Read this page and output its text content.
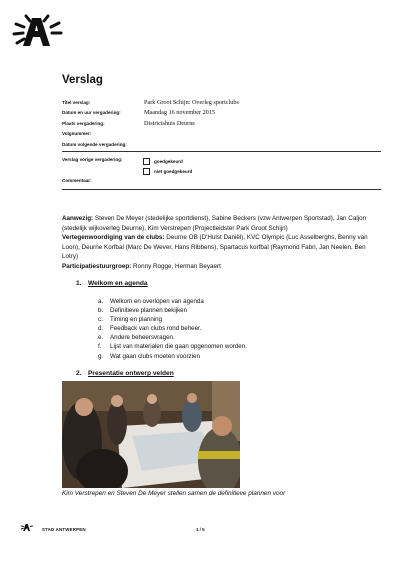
Verslag
Titel verslag:	Park Groot Schijn: Overleg sportclubs
Datum en uur vergadering:	Maandag 16 november 2015
Plaats vergadering:	Districtshuis Deurne
Volgnummer:
Datum volgende vergadering:
Verslag vorige vergadering:	goedgekeurd
niet goedgekeurd
Commentaar:
Aanwezig: Steven De Meyer (stedelijke sportdienst), Sabine Beckers (vzw Antwerpen Sportstad), Jan Caljon (stedelijk wijkoverleg Deurne), Kim Verstrepen (Projectleidster Park Groot Schijn)
Vertegenwoordiging van de clubs: Deurne OB (D'Hulst Daniël), KVC Olympic (Luc Asselberghs, Benny van Loon), Deurne Korfbal (Marc De Wever, Hans Ribbens), Spartacus korfbal (Raymond Fabri, Jan Neelen, Ben Lotry)
Participatiestuurgroep: Ronny Rogge, Herman Beyaert
1. Welkom en agenda
a.	Welkom en overlopen van agenda
b.	Definitieve plannen bekijken
c.	Timing en planning
d.	Feedback van clubs rond beheer.
e.	Andere beheersvragen.
f.	Lijst van materialen die gaan opgenomen worden.
g.	Wat gaan clubs moeten voorzien
2. Presentatie ontwerp velden
Kim Verstrepen en Steven De Meyer stellen samen de definitieve plannen voor
STAD ANTWERPEN	1 / 5
